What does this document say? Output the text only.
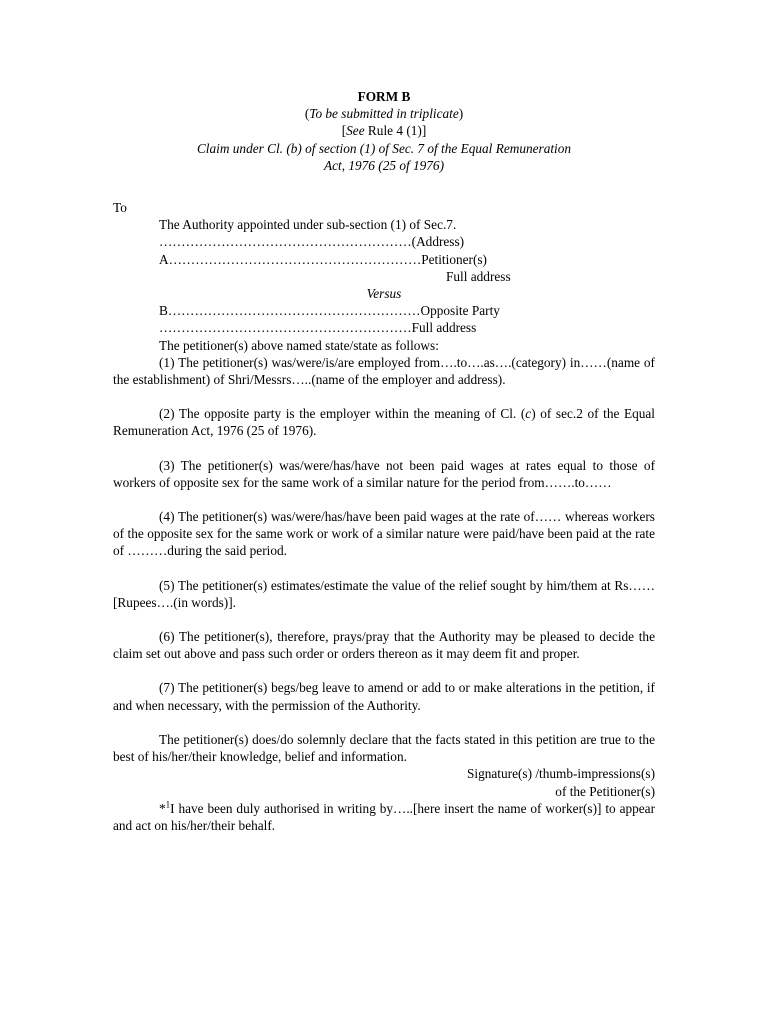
FORM B
(To be submitted in triplicate)
[See Rule 4 (1)]
Claim under Cl. (b) of section (1) of Sec. 7 of the Equal Remuneration
Act, 1976 (25 of 1976)
To
The Authority appointed under sub-section (1) of Sec.7.
…………………………………………………(Address)
A…………………………………………………Petitioner(s)
Full address
Versus
B…………………………………………………Opposite Party
…………………………………………………Full address
The petitioner(s) above named state/state as follows:
(1) The petitioner(s) was/were/is/are employed from….to….as….(category) in……(name of the establishment) of Shri/Messrs…..(name of the employer and address).
(2) The opposite party is the employer within the meaning of Cl. (c) of sec.2 of the Equal Remuneration Act, 1976 (25 of 1976).
(3) The petitioner(s) was/were/has/have not been paid wages at rates equal to those of workers of opposite sex for the same work of a similar nature for the period from…….to……
(4) The petitioner(s) was/were/has/have been paid wages at the rate of…… whereas workers of the opposite sex for the same work or work of a similar nature were paid/have been paid at the rate of ………during the said period.
(5) The petitioner(s) estimates/estimate the value of the relief sought by him/them at Rs……[Rupees….(in words)].
(6) The petitioner(s), therefore, prays/pray that the Authority may be pleased to decide the claim set out above and pass such order or orders thereon as it may deem fit and proper.
(7) The petitioner(s) begs/beg leave to amend or add to or make alterations in the petition, if and when necessary, with the permission of the Authority.
The petitioner(s) does/do solemnly declare that the facts stated in this petition are true to the best of his/her/their knowledge, belief and information.
Signature(s) /thumb-impressions(s)
of the Petitioner(s)
*$^1$I have been duly authorised in writing by…..[here insert the name of worker(s)] to appear and act on his/her/their behalf.
